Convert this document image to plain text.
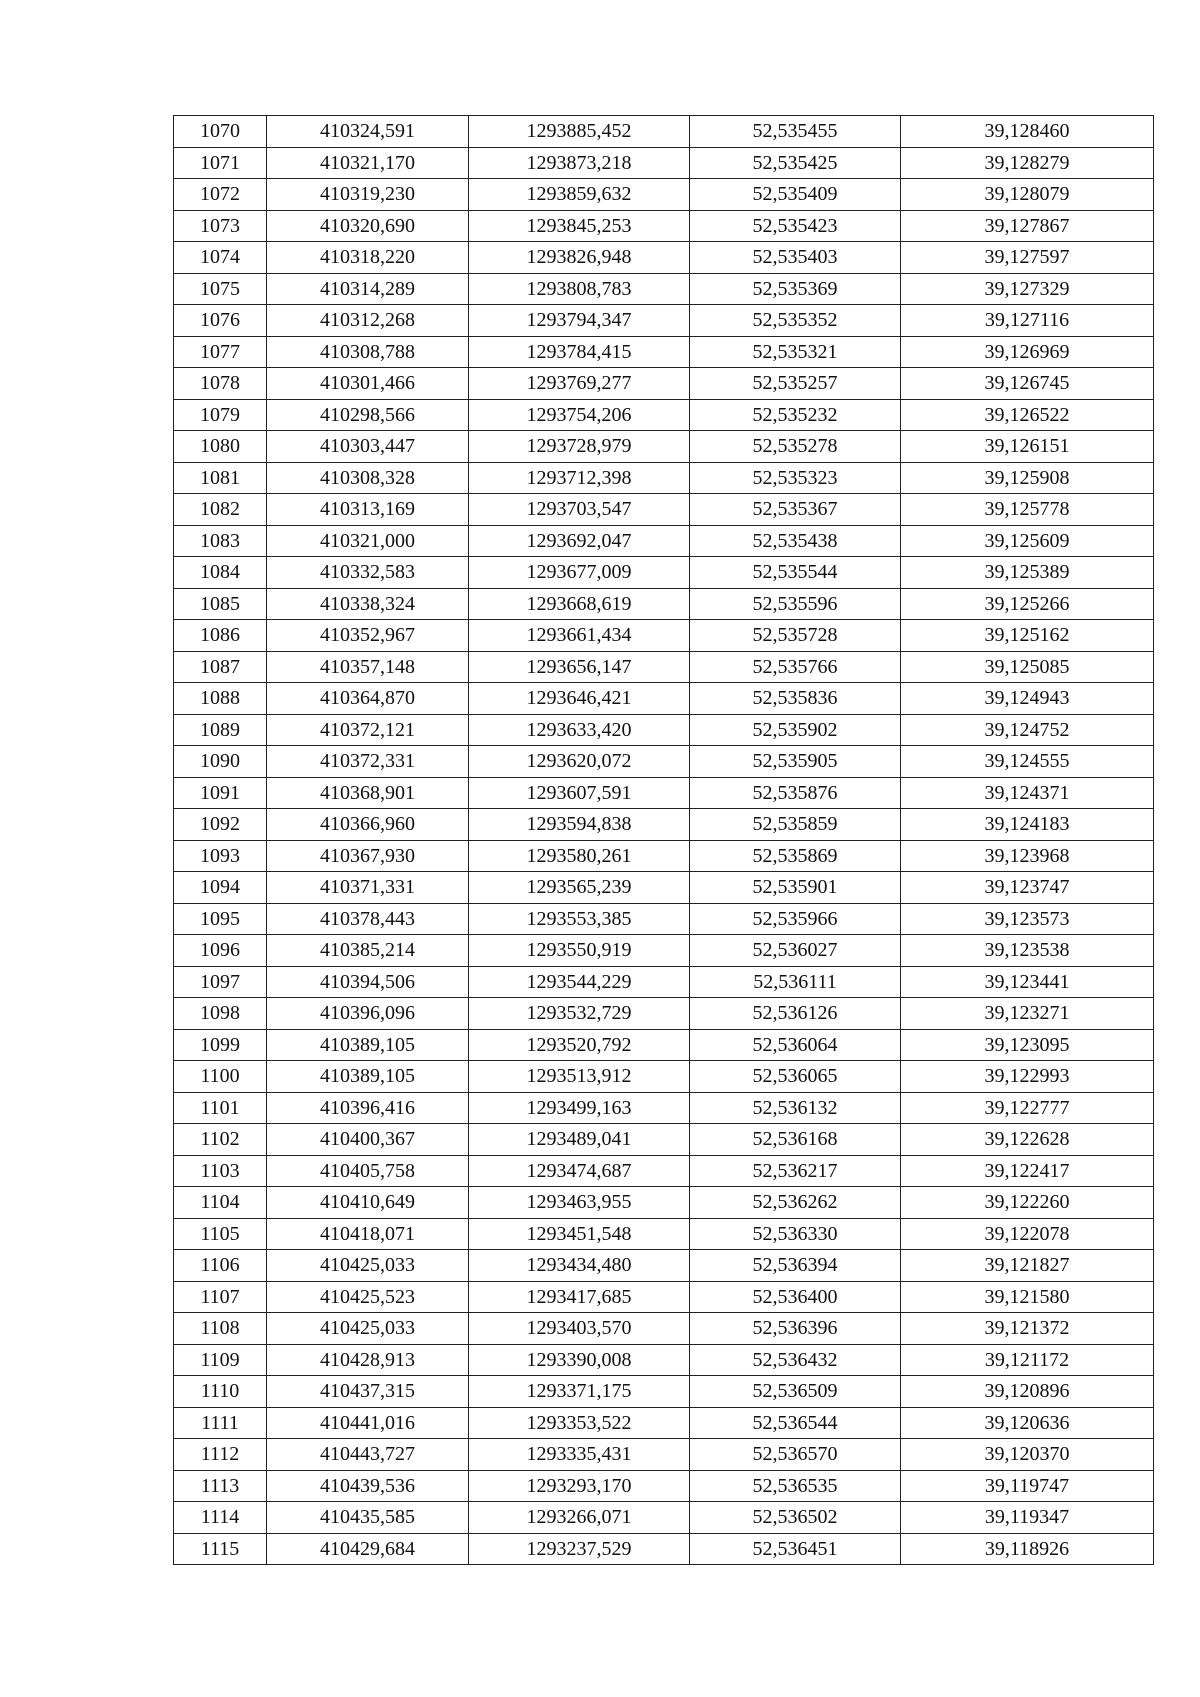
1070	410324,591	1293885,452	52,535455	39,128460
1071	410321,170	1293873,218	52,535425	39,128279
1072	410319,230	1293859,632	52,535409	39,128079
1073	410320,690	1293845,253	52,535423	39,127867
1074	410318,220	1293826,948	52,535403	39,127597
1075	410314,289	1293808,783	52,535369	39,127329
1076	410312,268	1293794,347	52,535352	39,127116
1077	410308,788	1293784,415	52,535321	39,126969
1078	410301,466	1293769,277	52,535257	39,126745
1079	410298,566	1293754,206	52,535232	39,126522
1080	410303,447	1293728,979	52,535278	39,126151
1081	410308,328	1293712,398	52,535323	39,125908
1082	410313,169	1293703,547	52,535367	39,125778
1083	410321,000	1293692,047	52,535438	39,125609
1084	410332,583	1293677,009	52,535544	39,125389
1085	410338,324	1293668,619	52,535596	39,125266
1086	410352,967	1293661,434	52,535728	39,125162
1087	410357,148	1293656,147	52,535766	39,125085
1088	410364,870	1293646,421	52,535836	39,124943
1089	410372,121	1293633,420	52,535902	39,124752
1090	410372,331	1293620,072	52,535905	39,124555
1091	410368,901	1293607,591	52,535876	39,124371
1092	410366,960	1293594,838	52,535859	39,124183
1093	410367,930	1293580,261	52,535869	39,123968
1094	410371,331	1293565,239	52,535901	39,123747
1095	410378,443	1293553,385	52,535966	39,123573
1096	410385,214	1293550,919	52,536027	39,123538
1097	410394,506	1293544,229	52,536111	39,123441
1098	410396,096	1293532,729	52,536126	39,123271
1099	410389,105	1293520,792	52,536064	39,123095
1100	410389,105	1293513,912	52,536065	39,122993
1101	410396,416	1293499,163	52,536132	39,122777
1102	410400,367	1293489,041	52,536168	39,122628
1103	410405,758	1293474,687	52,536217	39,122417
1104	410410,649	1293463,955	52,536262	39,122260
1105	410418,071	1293451,548	52,536330	39,122078
1106	410425,033	1293434,480	52,536394	39,121827
1107	410425,523	1293417,685	52,536400	39,121580
1108	410425,033	1293403,570	52,536396	39,121372
1109	410428,913	1293390,008	52,536432	39,121172
1110	410437,315	1293371,175	52,536509	39,120896
1111	410441,016	1293353,522	52,536544	39,120636
1112	410443,727	1293335,431	52,536570	39,120370
1113	410439,536	1293293,170	52,536535	39,119747
1114	410435,585	1293266,071	52,536502	39,119347
1115	410429,684	1293237,529	52,536451	39,118926
